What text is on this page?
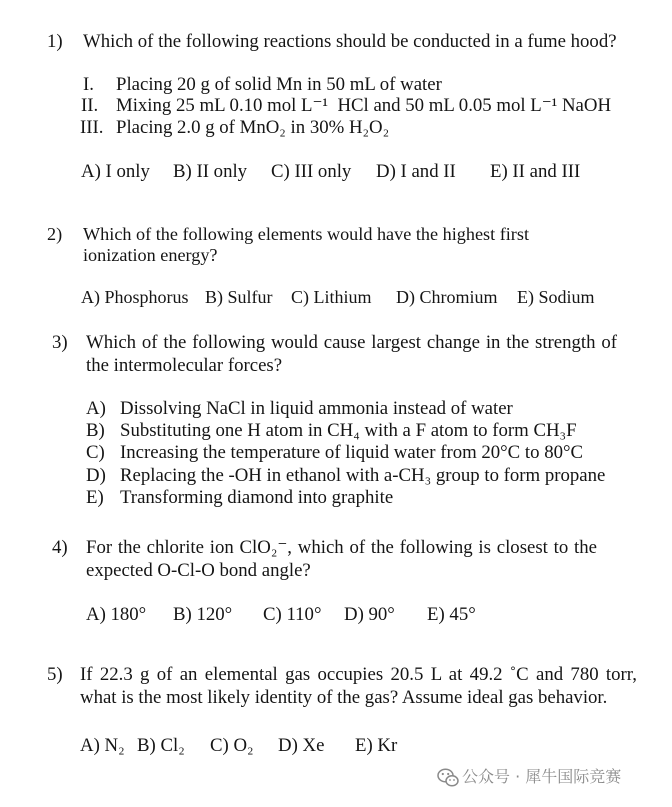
1) Which of the following reactions should be conducted in a fume hood?
I. Placing 20 g of solid Mn in 50 mL of water
II. Mixing 25 mL 0.10 mol L⁻¹  HCl and 50 mL 0.05 mol L⁻¹ NaOH
III. Placing 2.0 g of MnO₂ in 30% H₂O₂
A) I only B) II only C) III only D) I and II E) II and III
2) Which of the following elements would have the highest first
ionization energy?
A) Phosphorus B) Sulfur C) Lithium D) Chromium E) Sodium
3) Which of the following would cause largest change in the strength of
the intermolecular forces?
A) Dissolving NaCl in liquid ammonia instead of water
B) Substituting one H atom in CH₄ with a F atom to form CH₃F
C) Increasing the temperature of liquid water from 20°C to 80°C
D) Replacing the -OH in ethanol with a-CH₃ group to form propane
E) Transforming diamond into graphite
4) For the chlorite ion ClO₂⁻, which of the following is closest to the
expected O-Cl-O bond angle?
A) 180° B) 120° C) 110° D) 90° E) 45°
5) If 22.3 g of an elemental gas occupies 20.5 L at 49.2 ˚C and 780 torr,
what is the most likely identity of the gas? Assume ideal gas behavior.
A) N₂ B) Cl₂ C) O₂ D) Xe E) Kr
公众号 · 犀牛国际竞赛
